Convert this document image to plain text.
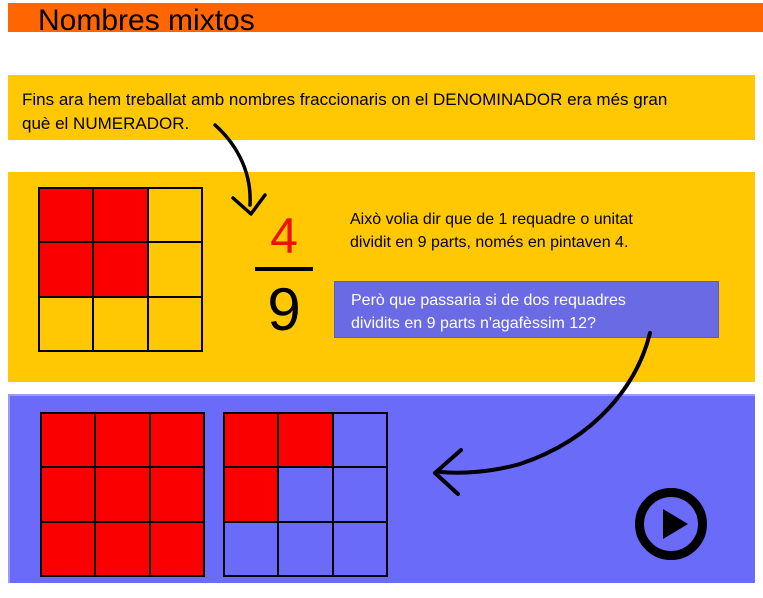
Nombres mixtos
Fins ara hem treballat amb nombres fraccionaris on el DENOMINADOR era més gran
què el NUMERADOR.
4
9
Això volia dir que de 1 requadre o unitat
dividit en 9 parts, només en pintaven 4.
Però que passaria si de dos requadres
dividits en 9 parts n'agafèssim 12?
